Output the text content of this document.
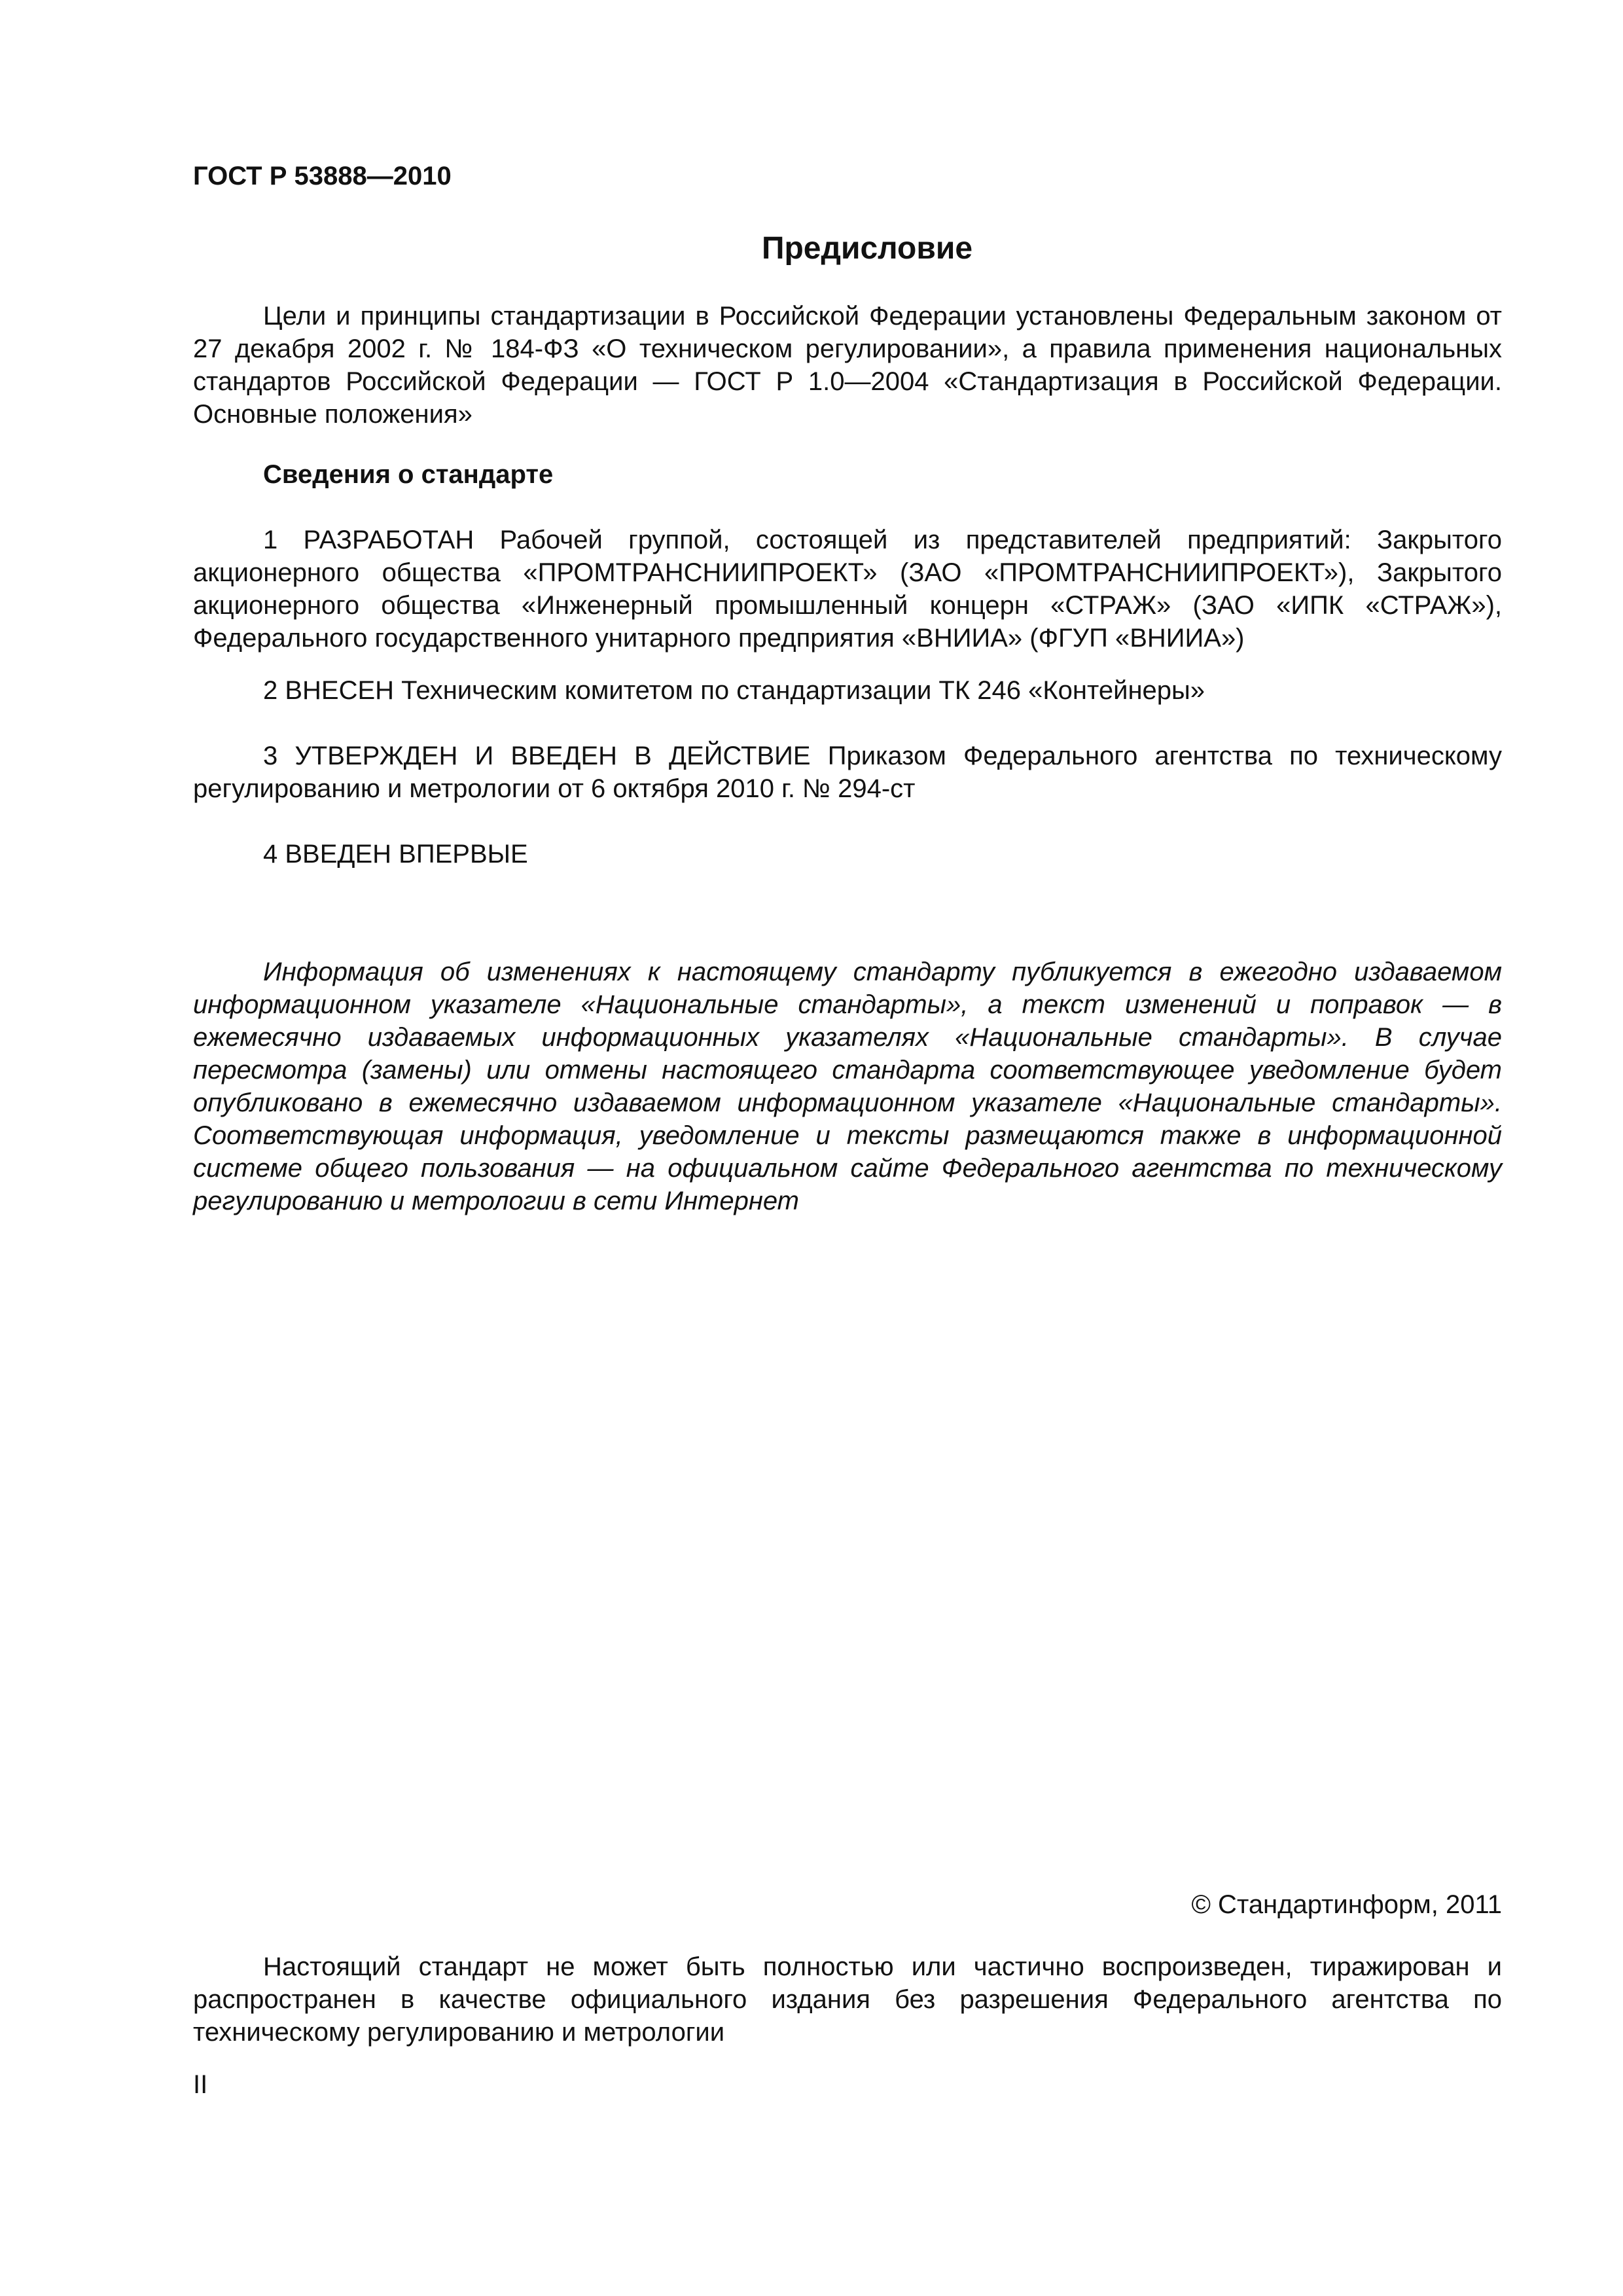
ГОСТ Р 53888—2010
Предисловие

Цели и принципы стандартизации в Российской Федерации установлены Федеральным законом от 27 декабря 2002 г. № 184-ФЗ «О техническом регулировании», а правила применения национальных стандартов Российской Федерации — ГОСТ Р 1.0—2004 «Стандартизация в Российской Федерации. Основные положения»

Сведения о стандарте

1 РАЗРАБОТАН Рабочей группой, состоящей из представителей предприятий: Закрытого акционерного общества «ПРОМТРАНСНИИПРОЕКТ» (ЗАО «ПРОМТРАНСНИИПРОЕКТ»), Закрытого акционерного общества «Инженерный промышленный концерн «СТРАЖ» (ЗАО «ИПК «СТРАЖ»), Федерального государственного унитарного предприятия «ВНИИА» (ФГУП «ВНИИА»)

2 ВНЕСЕН Техническим комитетом по стандартизации ТК 246 «Контейнеры»

3 УТВЕРЖДЕН И ВВЕДЕН В ДЕЙСТВИЕ Приказом Федерального агентства по техническому регулированию и метрологии от 6 октября 2010 г. № 294-ст

4 ВВЕДЕН ВПЕРВЫЕ

Информация об изменениях к настоящему стандарту публикуется в ежегодно издаваемом информационном указателе «Национальные стандарты», а текст изменений и поправок — в ежемесячно издаваемых информационных указателях «Национальные стандарты». В случае пересмотра (замены) или отмены настоящего стандарта соответствующее уведомление будет опубликовано в ежемесячно издаваемом информационном указателе «Национальные стандарты». Соответствующая информация, уведомление и тексты размещаются также в информационной системе общего пользования — на официальном сайте Федерального агентства по техническому регулированию и метрологии в сети Интернет

© Стандартинформ, 2011

Настоящий стандарт не может быть полностью или частично воспроизведен, тиражирован и распространен в качестве официального издания без разрешения Федерального агентства по техническому регулированию и метрологии

II
